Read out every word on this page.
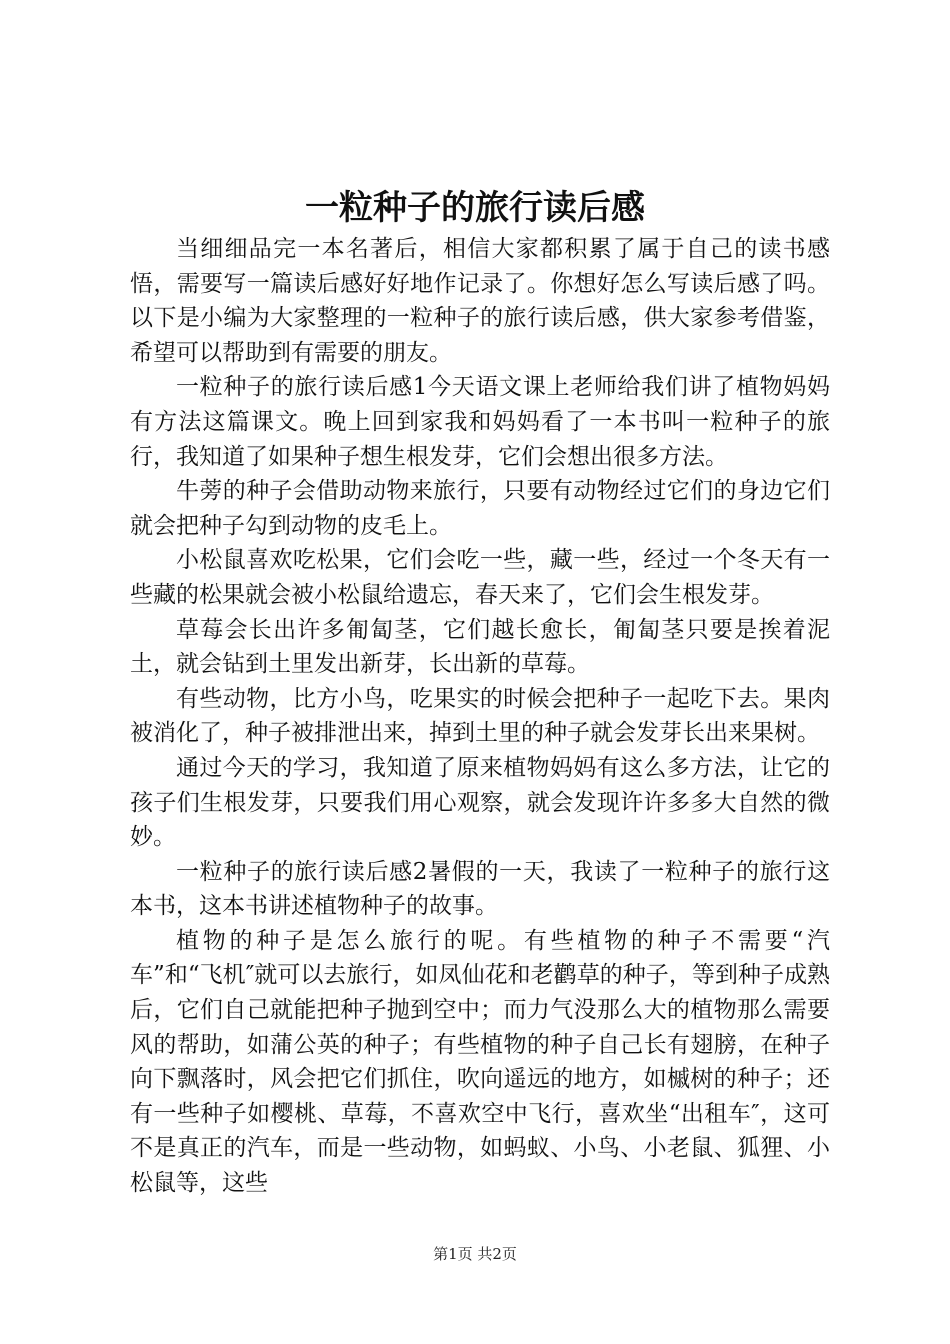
一粒种子的旅行读后感

当细细品完一本名著后，相信大家都积累了属于自己的读书感悟，需要写一篇读后感好好地作记录了。你想好怎么写读后感了吗。以下是小编为大家整理的一粒种子的旅行读后感，供大家参考借鉴，希望可以帮助到有需要的朋友。

一粒种子的旅行读后感1今天语文课上老师给我们讲了植物妈妈有方法这篇课文。晚上回到家我和妈妈看了一本书叫一粒种子的旅行，我知道了如果种子想生根发芽，它们会想出很多方法。

牛蒡的种子会借助动物来旅行，只要有动物经过它们的身边它们就会把种子勾到动物的皮毛上。

小松鼠喜欢吃松果，它们会吃一些，藏一些，经过一个冬天有一些藏的松果就会被小松鼠给遗忘，春天来了，它们会生根发芽。

草莓会长出许多匍匐茎，它们越长愈长，匍匐茎只要是挨着泥土，就会钻到土里发出新芽，长出新的草莓。

有些动物，比方小鸟，吃果实的时候会把种子一起吃下去。果肉被消化了，种子被排泄出来，掉到土里的种子就会发芽长出来果树。

通过今天的学习，我知道了原来植物妈妈有这么多方法，让它的孩子们生根发芽，只要我们用心观察，就会发现许许多多大自然的微妙。

一粒种子的旅行读后感2暑假的一天，我读了一粒种子的旅行这本书，这本书讲述植物种子的故事。

植物的种子是怎么旅行的呢。有些植物的种子不需要“汽车”和“飞机″就可以去旅行，如凤仙花和老鹳草的种子，等到种子成熟后，它们自己就能把种子抛到空中；而力气没那么大的植物那么需要风的帮助，如蒲公英的种子；有些植物的种子自己长有翅膀，在种子向下飘落时，风会把它们抓住，吹向遥远的地方，如槭树的种子；还有一些种子如樱桃、草莓，不喜欢空中飞行，喜欢坐“出租车″，这可不是真正的汽车，而是一些动物，如蚂蚁、小鸟、小老鼠、狐狸、小松鼠等，这些

第1页 共2页
